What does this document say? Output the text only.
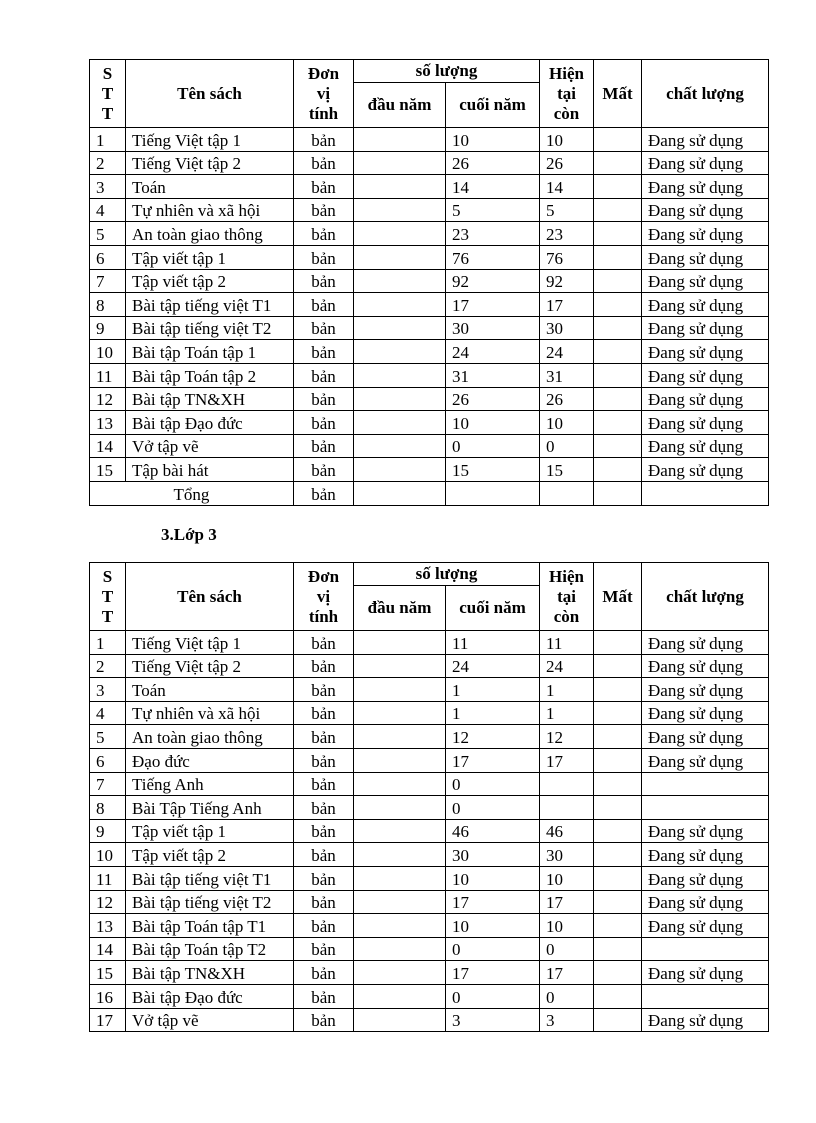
S
T
T	Tên sách	Đơn
vị
tính	số lượng		Hiện
tại
còn	Mất	chất lượng
			đầu năm	cuối năm			
1	Tiếng Việt tập 1	bản		10	10		Đang sử dụng
2	Tiếng Việt tập 2	bản		26	26		Đang sử dụng
3	Toán	bản		14	14		Đang sử dụng
4	Tự nhiên và xã hội	bản		5	5		Đang sử dụng
5	An toàn giao thông	bản		23	23		Đang sử dụng
6	Tập viết tập 1	bản		76	76		Đang sử dụng
7	Tập viết tập 2	bản		92	92		Đang sử dụng
8	Bài tập tiếng việt T1	bản		17	17		Đang sử dụng
9	Bài tập tiếng việt T2	bản		30	30		Đang sử dụng
10	Bài tập Toán tập 1	bản		24	24		Đang sử dụng
11	Bài tập Toán tập 2	bản		31	31		Đang sử dụng
12	Bài tập TN&XH	bản		26	26		Đang sử dụng
13	Bài tập Đạo đức	bản		10	10		Đang sử dụng
14	Vở tập vẽ	bản		0	0		Đang sử dụng
15	Tập bài hát	bản		15	15		Đang sử dụng
Tổng		bản					
3.Lớp 3
S
T
T	Tên sách	Đơn
vị
tính	số lượng		Hiện
tại
còn	Mất	chất lượng
			đầu năm	cuối năm			
1	Tiếng Việt tập 1	bản		11	11		Đang sử dụng
2	Tiếng Việt tập 2	bản		24	24		Đang sử dụng
3	Toán	bản		1	1		Đang sử dụng
4	Tự nhiên và xã hội	bản		1	1		Đang sử dụng
5	An toàn giao thông	bản		12	12		Đang sử dụng
6	Đạo đức	bản		17	17		Đang sử dụng
7	Tiếng Anh	bản		0			
8	Bài Tập Tiếng Anh	bản		0			
9	Tập viết tập 1	bản		46	46		Đang sử dụng
10	Tập viết tập 2	bản		30	30		Đang sử dụng
11	Bài tập tiếng việt T1	bản		10	10		Đang sử dụng
12	Bài tập tiếng việt T2	bản		17	17		Đang sử dụng
13	Bài tập Toán tập T1	bản		10	10		Đang sử dụng
14	Bài tập Toán tập T2	bản		0	0		
15	Bài tập TN&XH	bản		17	17		Đang sử dụng
16	Bài tập Đạo đức	bản		0	0		
17	Vở tập vẽ	bản		3	3		Đang sử dụng
